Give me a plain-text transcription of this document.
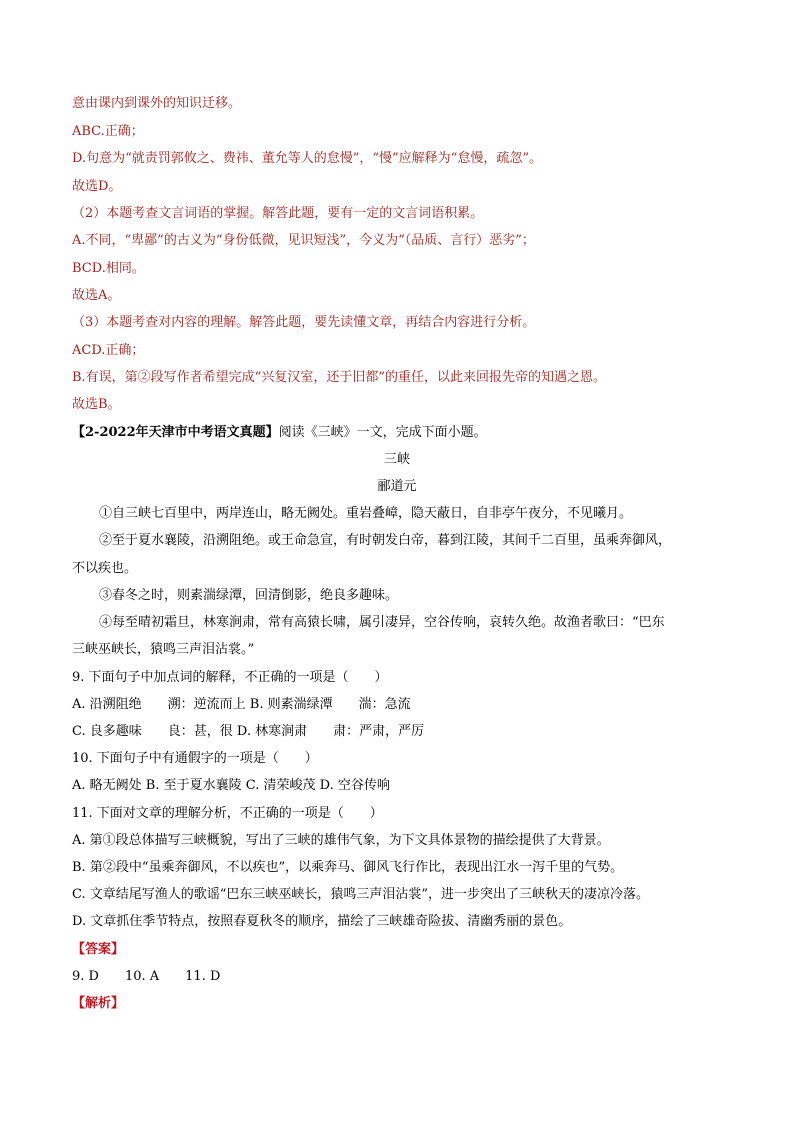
意由课内到课外的知识迁移。
ABC.正确；
D.句意为“就责罚郭攸之、费祎、董允等人的怠慢”，“慢”应解释为“怠慢，疏忽”。
故选D。
（2）本题考查文言词语的掌握。解答此题，要有一定的文言词语积累。
A.不同，“卑鄙”的古义为“身份低微，见识短浅”，今义为“（品质、言行）恶劣”；
BCD.相同。
故选A。
（3）本题考查对内容的理解。解答此题，要先读懂文章，再结合内容进行分析。
ACD.正确；
B.有误，第②段写作者希望完成“兴复汉室，还于旧都”的重任，以此来回报先帝的知遇之恩。
故选B。
【2-2022年天津市中考语文真题】阅读《三峡》一文，完成下面小题。
三峡
郦道元
①自三峡七百里中，两岸连山，略无阙处。重岩叠嶂，隐天蔽日，自非亭午夜分，不见曦月。
②至于夏水襄陵，沿溯阻绝。或王命急宣，有时朝发白帝，暮到江陵，其间千二百里，虽乘奔御风，
不以疾也。
③春冬之时，则素湍绿潭，回清倒影，绝良多趣味。
④每至晴初霜旦，林寒涧肃，常有高猿长啸，属引凄异，空谷传响，哀转久绝。故渔者歌曰：“巴东
三峡巫峡长，猿鸣三声泪沾裳。”
9. 下面句子中加点词的解释，不正确的一项是（　　）
A. 沿溯阻绝　　溯：逆流而上 B. 则素湍绿潭　　湍：急流
C. 良多趣味　　良：甚，很 D. 林寒涧肃　　肃：严肃，严厉
10. 下面句子中有通假字的一项是（　　）
A. 略无阙处 B. 至于夏水襄陵 C. 清荣峻茂 D. 空谷传响
11. 下面对文章的理解分析，不正确的一项是（　　）
A. 第①段总体描写三峡概貌，写出了三峡的雄伟气象，为下文具体景物的描绘提供了大背景。
B. 第②段中“虽乘奔御风，不以疾也”，以乘奔马、御风飞行作比，表现出江水一泻千里的气势。
C. 文章结尾写渔人的歌谣“巴东三峡巫峡长，猿鸣三声泪沾裳”，进一步突出了三峡秋天的凄凉冷落。
D. 文章抓住季节特点，按照春夏秋冬的顺序，描绘了三峡雄奇险拔、清幽秀丽的景色。
【答案】
9. D　　10. A　　11. D
【解析】
